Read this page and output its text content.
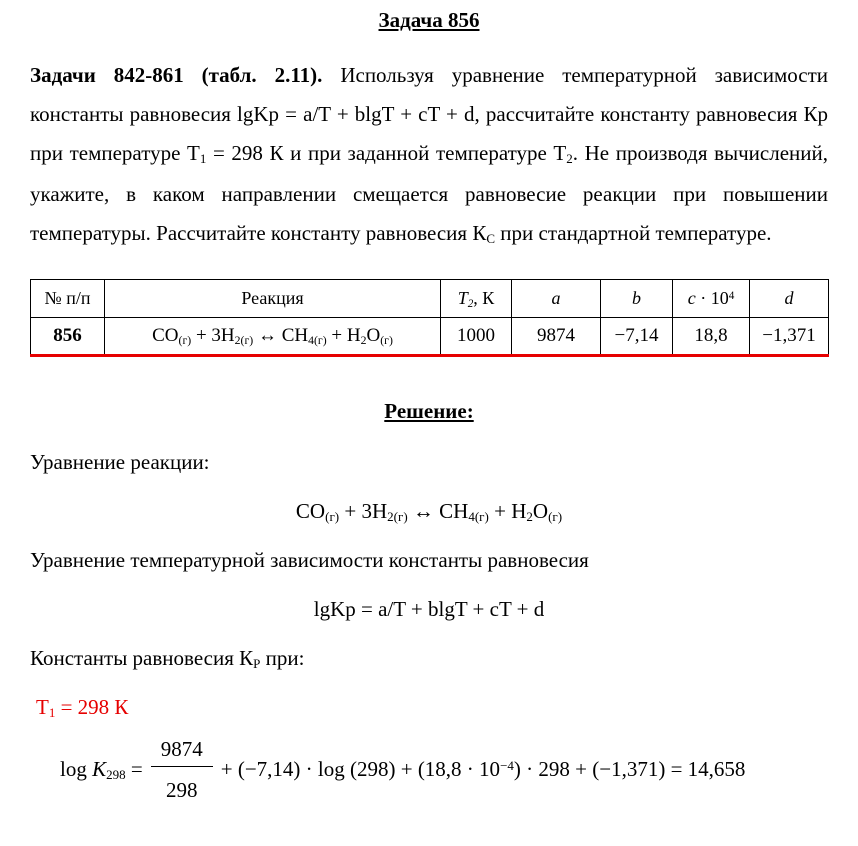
Задача 856

Задачи 842-861 (табл. 2.11). Используя уравнение температурной зависимости константы равновесия lgKp = a/T + blgT + cT + d, рассчитайте константу равновесия Кр при температуре Т1 = 298 К и при заданной температуре Т2. Не производя вычислений, укажите, в каком направлении смещается равновесие реакции при повышении температуры. Рассчитайте константу равновесия КС при стандартной температуре.

№ п/п	Реакция	T2, К	a	b	$c \cdot 10^4$	d
856	CO(г) + 3H2(г) ↔ CH4(г) + H2O(г)	1000	9874	−7,14	18,8	−1,371
Решение:

Уравнение реакции:

CO(г) + 3H2(г) ↔ CH4(г) + H2O(г)

Уравнение температурной зависимости константы равновесия

lgKp = a/T + blgT + cT + d

Константы равновесия КР при:

Т1 = 298 К

$\log K298 = \frac{9874}{298} + (-7,14) \cdot \log (298) + (18,8 \cdot 10^{-4}) \cdot 298 + (-1,371) = 14,658$
